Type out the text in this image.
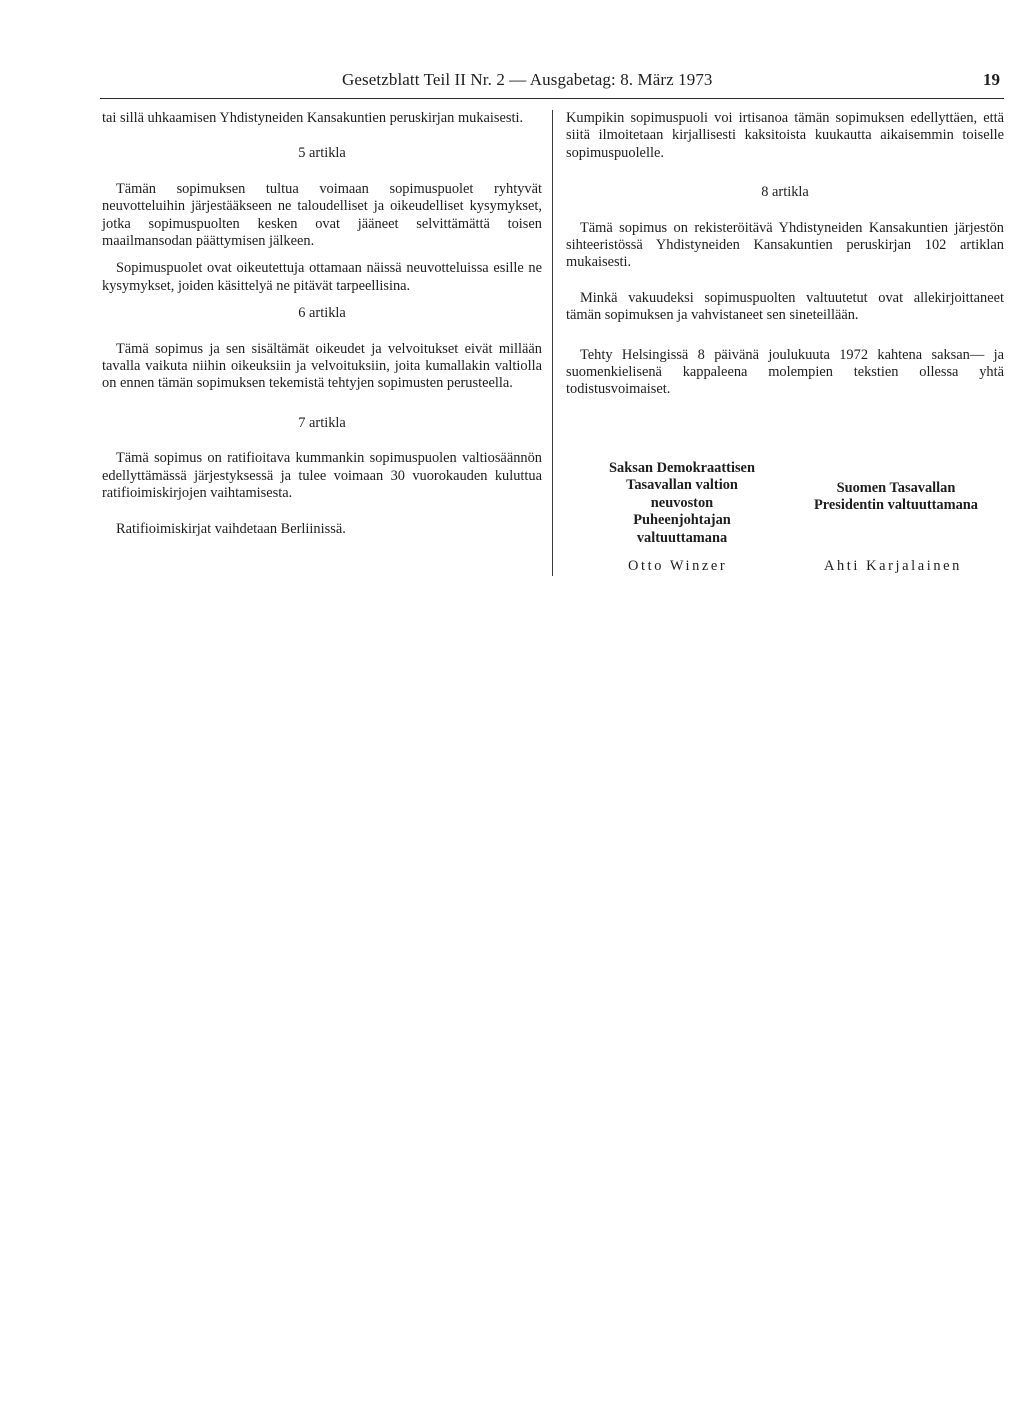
Gesetzblatt Teil II Nr. 2 — Ausgabetag: 8. März 1973	19

tai sillä uhkaamisen Yhdistyneiden Kansakuntien peruskirjan mukaisesti.

5 artikla

Tämän sopimuksen tultua voimaan sopimuspuolet ryhtyvät neuvotteluihin järjestääkseen ne taloudelliset ja oikeudelliset kysymykset, jotka sopimuspuolten kesken ovat jääneet selvittämättä toisen maailmansodan päättymisen jälkeen.

Sopimuspuolet ovat oikeutettuja ottamaan näissä neuvotteluissa esille ne kysymykset, joiden käsittelyä ne pitävät tarpeellisina.

6 artikla

Tämä sopimus ja sen sisältämät oikeudet ja velvoitukset eivät millään tavalla vaikuta niihin oikeuksiin ja velvoituksiin, joita kumallakin valtiolla on ennen tämän sopimuksen tekemistä tehtyjen sopimusten perusteella.

7 artikla

Tämä sopimus on ratifioitava kummankin sopimuspuolen valtiosäännön edellyttämässä järjestyksessä ja tulee voimaan 30 vuorokauden kuluttua ratifioimiskirjojen vaihtamisesta.

Ratifioimiskirjat vaihdetaan Berliinissä.

Kumpikin sopimuspuoli voi irtisanoa tämän sopimuksen edellyttäen, että siitä ilmoitetaan kirjallisesti kaksitoista kuukautta aikaisemmin toiselle sopimuspuolelle.

8 artikla

Tämä sopimus on rekisteröitävä Yhdistyneiden Kansakuntien järjestön sihteeristössä Yhdistyneiden Kansakuntien peruskirjan 102 artiklan mukaisesti.

Minkä vakuudeksi sopimuspuolten valtuutetut ovat allekirjoittaneet tämän sopimuksen ja vahvistaneet sen sineteillään.

Tehty Helsingissä 8 päivänä joulukuuta 1972 kahtena saksan— ja suomenkielisenä kappaleena molempien tekstien ollessa yhtä todistusvoimaiset.

Saksan Demokraattisen
Tasavallan valtion
neuvoston
Puheenjohtajan
valtuuttamana
Suomen Tasavallan
Presidentin valtuuttamana
Otto Winzer	Ahti Karjalainen
